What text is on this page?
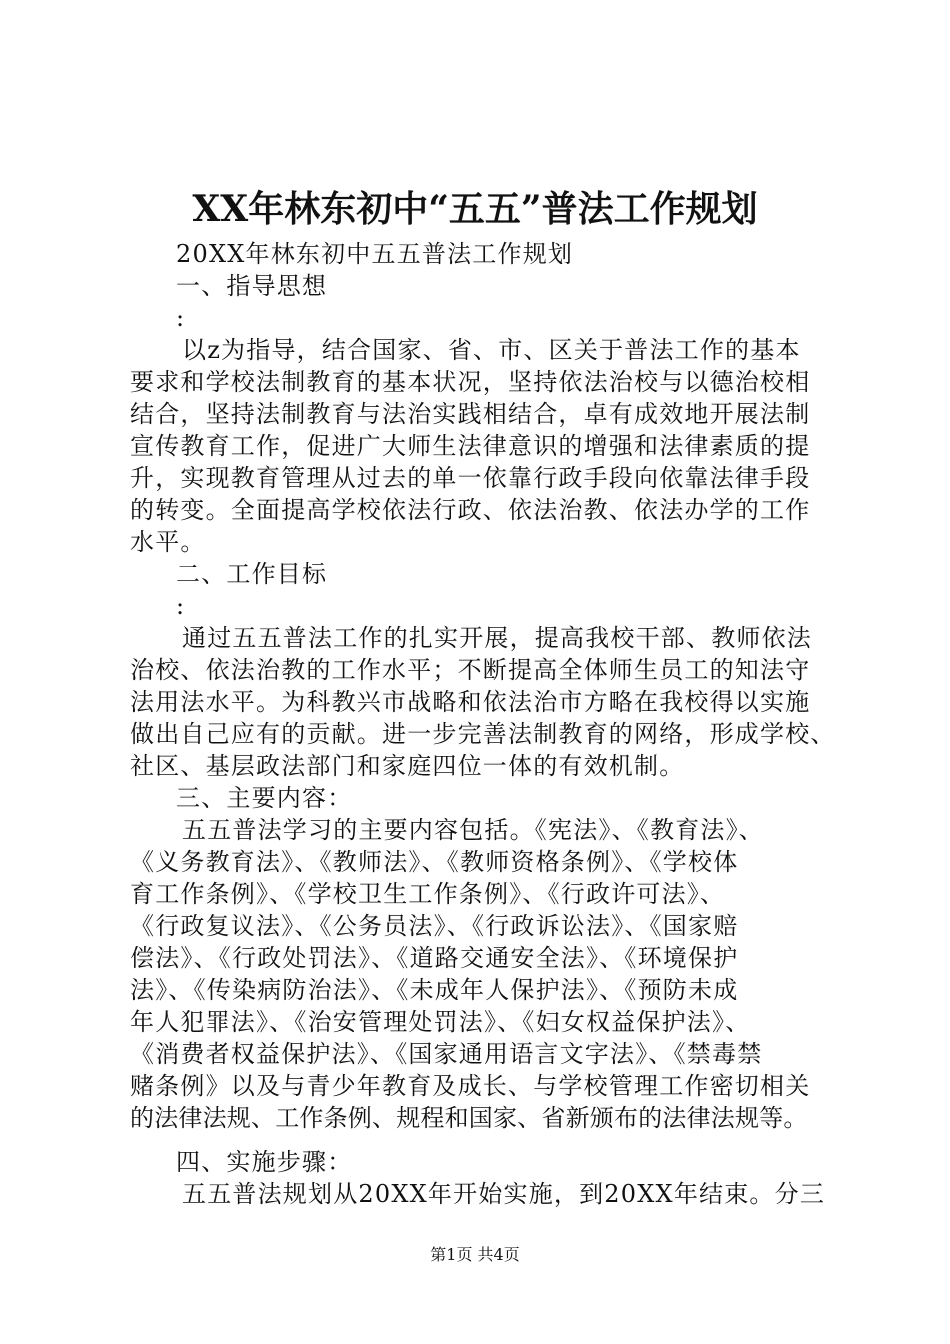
XX年林东初中“五五”普法工作规划
20XX年林东初中五五普法工作规划
一、指导思想
:
以z为指导，结合国家、省、市、区关于普法工作的基本
要求和学校法制教育的基本状况，坚持依法治校与以德治校相
结合，坚持法制教育与法治实践相结合，卓有成效地开展法制
宣传教育工作，促进广大师生法律意识的增强和法律素质的提
升，实现教育管理从过去的单一依靠行政手段向依靠法律手段
的转变。全面提高学校依法行政、依法治教、依法办学的工作
水平。
二、工作目标
:
通过五五普法工作的扎实开展，提高我校干部、教师依法
治校、依法治教的工作水平；不断提高全体师生员工的知法守
法用法水平。为科教兴市战略和依法治市方略在我校得以实施
做出自己应有的贡献。进一步完善法制教育的网络，形成学校、
社区、基层政法部门和家庭四位一体的有效机制。
三、主要内容：
五五普法学习的主要内容包括。《宪法》、《教育法》、
《义务教育法》、《教师法》、《教师资格条例》、《学校体
育工作条例》、《学校卫生工作条例》、《行政许可法》、
《行政复议法》、《公务员法》、《行政诉讼法》、《国家赔
偿法》、《行政处罚法》、《道路交通安全法》、《环境保护
法》、《传染病防治法》、《未成年人保护法》、《预防未成
年人犯罪法》、《治安管理处罚法》、《妇女权益保护法》、
《消费者权益保护法》、《国家通用语言文字法》、《禁毒禁
赌条例》以及与青少年教育及成长、与学校管理工作密切相关
的法律法规、工作条例、规程和国家、省新颁布的法律法规等。
四、实施步骤：
五五普法规划从20XX年开始实施，到20XX年结束。分三
第1页 共4页
